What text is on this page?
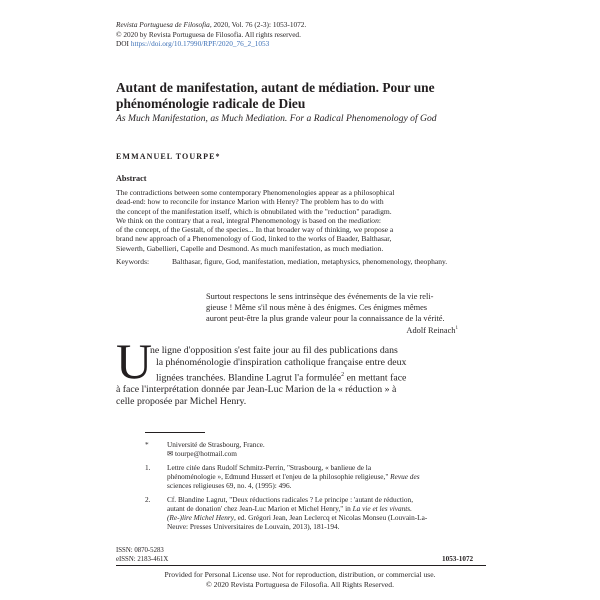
Revista Portuguesa de Filosofia, 2020, Vol. 76 (2-3): 1053-1072.
© 2020 by Revista Portuguesa de Filosofia. All rights reserved.
DOI https://doi.org/10.17990/RPF/2020_76_2_1053
Autant de manifestation, autant de médiation. Pour une phénoménologie radicale de Dieu
As Much Manifestation, as Much Mediation. For a Radical Phenomenology of God
EMMANUEL TOURPE*
Abstract
The contradictions between some contemporary Phenomenologies appear as a philosophical
dead-end: how to reconcile for instance Marion with Henry? The problem has to do with
the concept of the manifestation itself, which is obnubilated with the "reduction" paradigm.
We think on the contrary that a real, integral Phenomenology is based on the mediation:
of the concept, of the Gestalt, of the species... In that broader way of thinking, we propose a
brand new approach of a Phenomenology of God, linked to the works of Baader, Balthasar,
Siewerth, Gabellieri, Capelle and Desmond. As much manifestation, as much mediation.
Keywords:	Balthasar, figure, God, manifestation, mediation, metaphysics, phenomenology, theophany.
Surtout respectons le sens intrinsèque des événements de la vie reli-
gieuse ! Même s'il nous mène à des énigmes. Ces énigmes mêmes
auront peut-être la plus grande valeur pour la connaissance de la vérité.
Adolf Reinach$^1$
U
ne ligne d'opposition s'est faite jour au fil des publications dans
la phénoménologie d'inspiration catholique française entre deux
lignées tranchées. Blandine Lagrut l'a formulée$^2$ en mettant face
à face l'interprétation donnée par Jean-Luc Marion de la « réduction » à
celle proposée par Michel Henry.
*	Université de Strasbourg, France.
✉ tourpe@hotmail.com
1. Lettre citée dans Rudolf Schmitz-Perrin, "Strasbourg, « banlieue de la
phénoménologie », Edmund Husserl et l'enjeu de la philosophie religieuse," Revue des
sciences religieuses 69, no. 4, (1995): 496.
2. Cf. Blandine Lagrut, "Deux réductions radicales ? Le principe : 'autant de réduction,
autant de donation' chez Jean-Luc Marion et Michel Henry," in La vie et les vivants.
(Re-)lire Michel Henry, ed. Grégori Jean, Jean Leclercq et Nicolas Monseu (Louvain-La-
Neuve: Presses Universitaires de Louvain, 2013), 181-194.
ISSN: 0870-5283
eISSN: 2183-461X	1053-1072
Provided for Personal License use. Not for reproduction, distribution, or commercial use.
© 2020 Revista Portuguesa de Filosofia. All Rights Reserved.
